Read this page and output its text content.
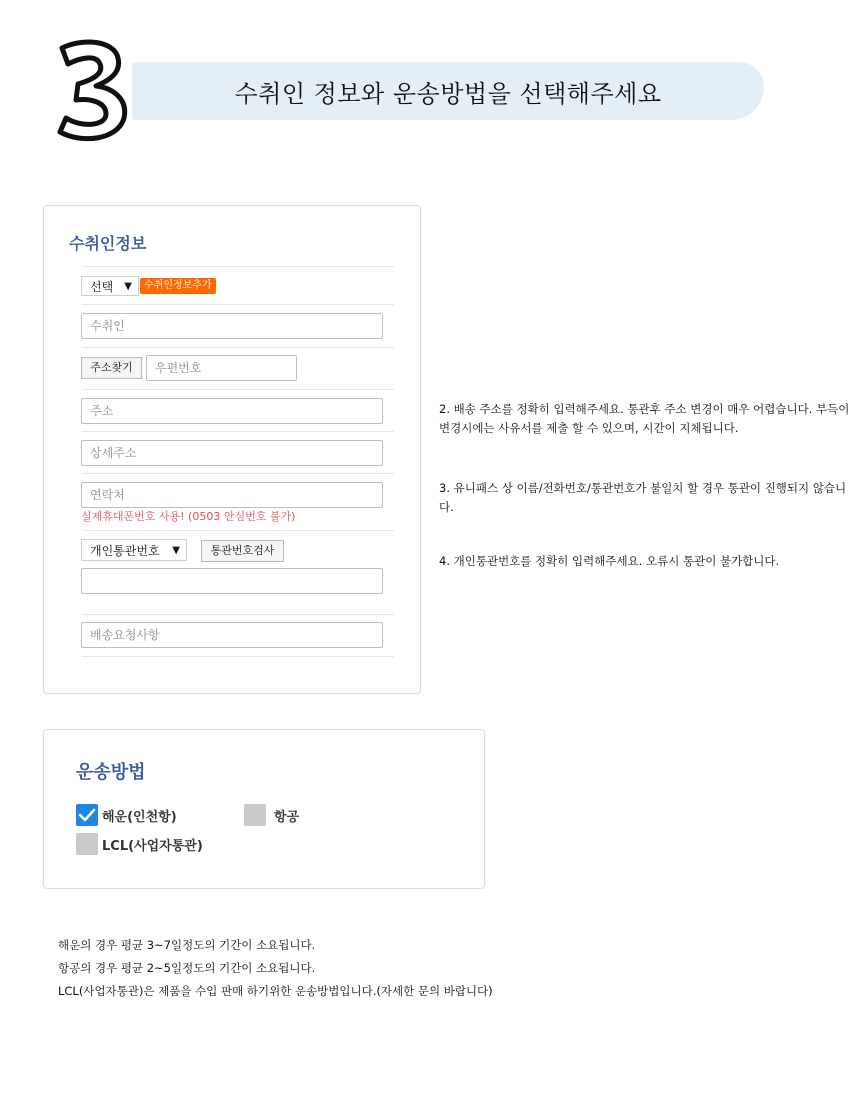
수취인 정보와 운송방법을 선택해주세요
3
수취인정보
선택 ▼	수취인정보추가
수취인
주소찾기	우편번호
주소
상세주소
연락처
실제휴대폰번호 사용! (0503 안심번호 불가)
개인통관번호 ▼	통관번호검사
배송요청사항
2. 배송 주소를 정확히 입력해주세요. 통관후 주소 변경이 매우 어렵습니다. 부득이 변경시에는 사유서를 제출 할 수 있으며, 시간이 지체됩니다.
3. 유니패스 상 이름/전화번호/통관번호가 불일치 할 경우 통관이 진행되지 않습니다.
4. 개인통관번호를 정확히 입력해주세요. 오류시 통관이 불가합니다.
운송방법
해운(인천항)	항공
LCL(사업자통관)
해운의 경우 평균 3~7일정도의 기간이 소요됩니다.
항공의 경우 평균 2~5일정도의 기간이 소요됩니다.
LCL(사업자통관)은 제품을 수입 판매 하기위한 운송방법입니다.(자세한 문의 바랍니다)
